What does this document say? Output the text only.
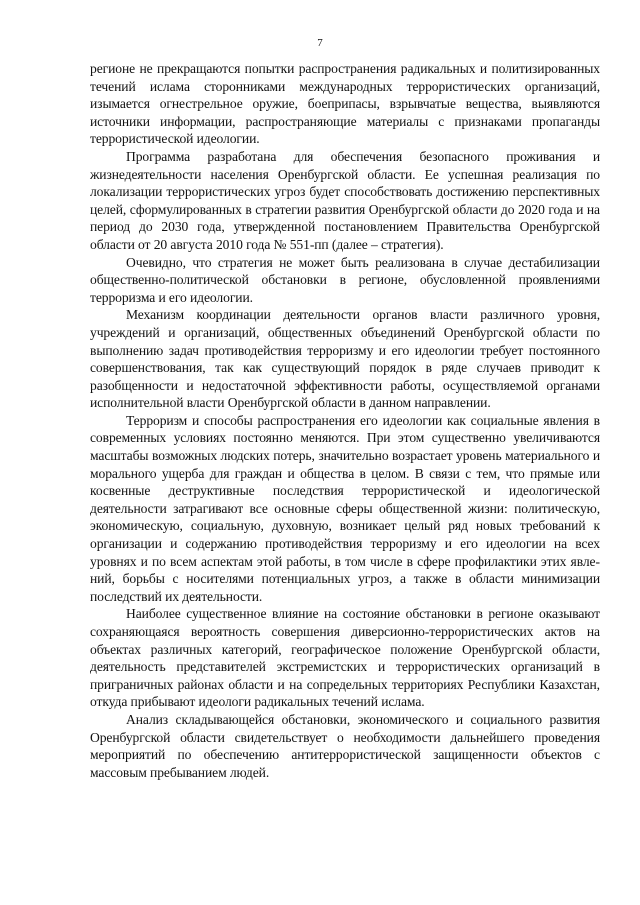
7

регионе не прекращаются попытки распространения радикальных и политизированных течений ислама сторонниками международных террористических организаций, изымается огнестрельное оружие, боеприпасы, взрывчатые вещества, выявляются источники информации, распространяющие материалы с признаками пропаганды террористической идеологии.

Программа разработана для обеспечения безопасного проживания и жизнедеятельности населения Оренбургской области. Ее успешная реализация по локализации террористических угроз будет способствовать достижению перспективных целей, сформулированных в стратегии развития Оренбургской области до 2020 года и на период до 2030 года, утвержденной постановлением Правительства Оренбургской области от 20 августа 2010 года № 551-пп (далее – стратегия).

Очевидно, что стратегия не может быть реализована в случае дестабилизации общественно-политической обстановки в регионе, обусловленной проявлениями терроризма и его идеологии.

Механизм координации деятельности органов власти различного уровня, учреждений и организаций, общественных объединений Оренбургской области по выполнению задач противодействия терроризму и его идеологии требует постоянного совершенствования, так как существующий порядок в ряде случаев приводит к разобщенности и недостаточной эффективности работы, осуществляемой органами исполнительной власти Оренбургской области в данном направлении.

Терроризм и способы распространения его идеологии как социальные явления в современных условиях постоянно меняются. При этом существенно увеличиваются масштабы возможных людских потерь, значительно возрастает уровень материального и морального ущерба для граждан и общества в целом. В связи с тем, что прямые или косвенные деструктивные последствия террористической и идеологической деятельности затрагивают все основные сферы общественной жизни: политическую, экономическую, социальную, духовную, возникает целый ряд новых требований к организации и содержанию противодействия терроризму и его идеологии на всех уровнях и по всем аспектам этой работы, в том числе в сфере профилактики этих явлений, борьбы с носителями потенциальных угроз, а также в области минимизации последствий их деятельности.

Наиболее существенное влияние на состояние обстановки в регионе оказывают сохраняющаяся вероятность совершения диверсионно-террористических актов на объектах различных категорий, географическое положение Оренбургской области, деятельность представителей экстремистских и террористических организаций в приграничных районах области и на сопредельных территориях Республики Казахстан, откуда прибывают идеологи радикальных течений ислама.

Анализ складывающейся обстановки, экономического и социального развития Оренбургской области свидетельствует о необходимости дальнейшего проведения мероприятий по обеспечению антитеррористической защищенности объектов с массовым пребыванием людей.
